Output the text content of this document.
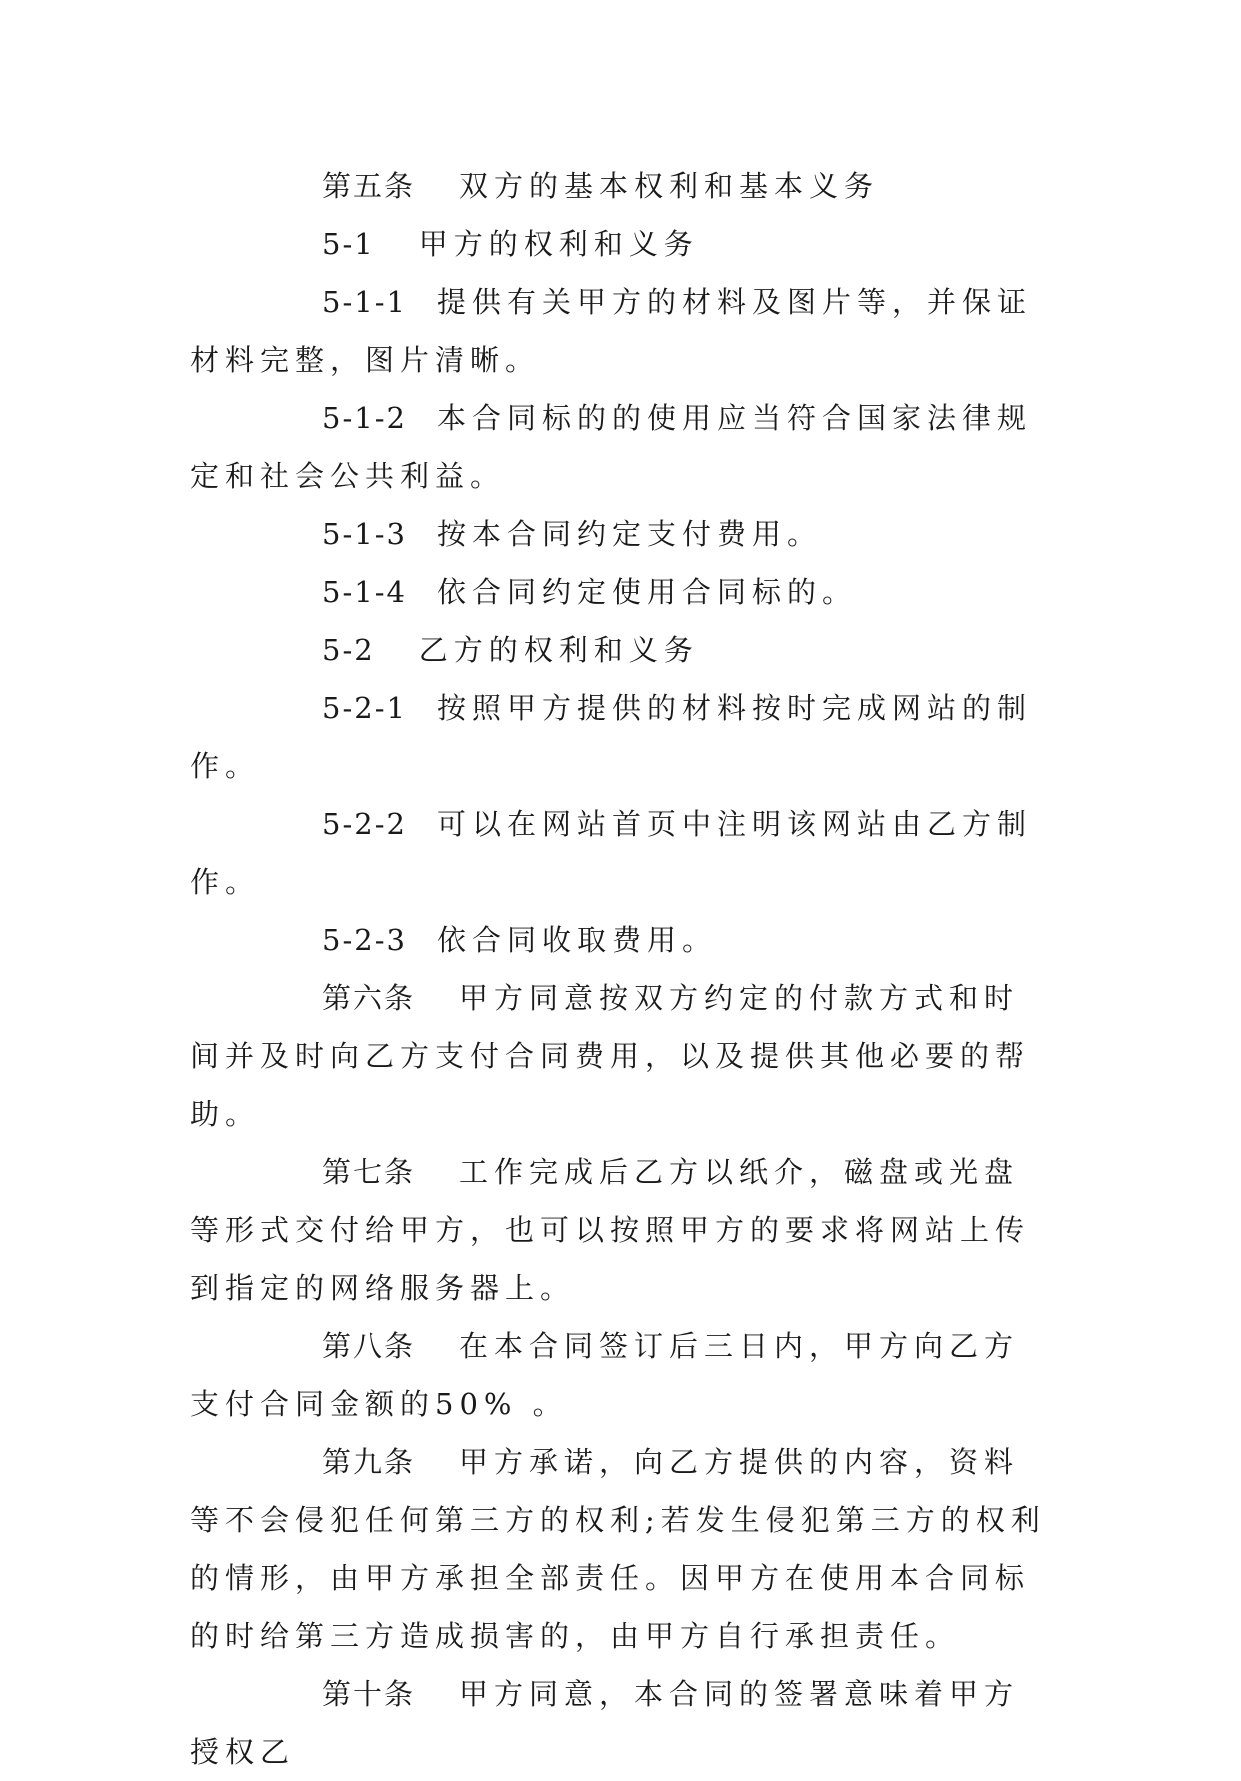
第五条 双方的基本权利和基本义务

5-1 甲方的权利和义务

5-1-1 提供有关甲方的材料及图片等，并保证材料完整，图片清晰。

5-1-2 本合同标的的使用应当符合国家法律规定和社会公共利益。

5-1-3 按本合同约定支付费用。

5-1-4 依合同约定使用合同标的。

5-2 乙方的权利和义务

5-2-1 按照甲方提供的材料按时完成网站的制作。

5-2-2 可以在网站首页中注明该网站由乙方制作。

5-2-3 依合同收取费用。

第六条 甲方同意按双方约定的付款方式和时间并及时向乙方支付合同费用，以及提供其他必要的帮助。

第七条 工作完成后乙方以纸介，磁盘或光盘等形式交付给甲方，也可以按照甲方的要求将网站上传到指定的网络服务器上。

第八条 在本合同签订后三日内，甲方向乙方支付合同金额的50% 。

第九条 甲方承诺，向乙方提供的内容，资料等不会侵犯任何第三方的权利;若发生侵犯第三方的权利的情形，由甲方承担全部责任。因甲方在使用本合同标的时给第三方造成损害的，由甲方自行承担责任。

第十条 甲方同意，本合同的签署意味着甲方授权乙
